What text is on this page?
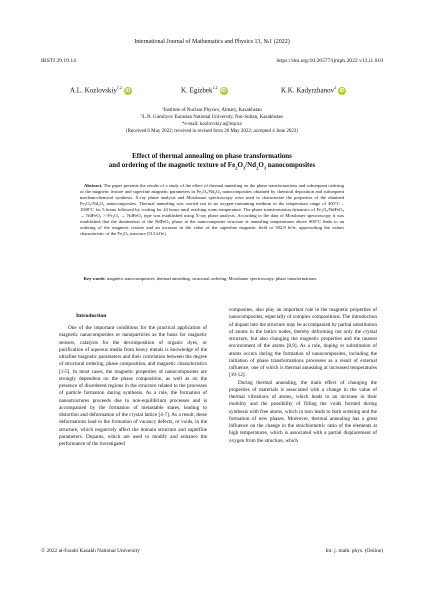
International Journal of Mathematics and Physics 13, №1 (2022)
IRSTI 29.19.14	https://doi.org/10.26577/ijmph.2022.v13.i1.010
A.L. Kozlovskiy$^{1,2}$iD	K. Egizbek$^{1,2}$iD	K.K. Kadyrzhanov$^2$iD
¹Institute of Nuclear Physics, Almaty, Kazakhstan
²L.N. Gumilyov Eurasian National University, Nur-Sultan, Kazakhstan
*e-mail: kozlovskiy.a@inp.kz
(Received 6 May 2022; received in revised form 26 May 2022; accepted 4 June 2022)
Effect of thermal annealing on phase transformations
and ordering of the magnetic texture of $Fe_2O_3/Nd_2O_3$ nanocomposites
Abstract. The paper presents the results of a study of the effect of thermal annealing on the phase transformations and subsequent ordering of the magnetic texture and superfine magnetic parameters in Fe₂O₃/Nd₂O₃ nanocomposites obtained by chemical deposition and subsequent mechanochemical synthesis. X-ray phase analysis and Mossbauer spectroscopy were used to characterize the properties of the obtained Fe₂O₃/Nd₂O₃ nanocomposites. Thermal annealing was carried out in an oxygen-containing medium in the temperature range of 400°C – 1000°C for 5 hours followed by cooling for 24 hours until reaching room temperature. The phase transformation dynamics of Fe₂O₃/NdFeO₃ → NdFeO₃ >>Fe₂O₃ → NdFeO₃ type was established using X-ray phase analysis. According to the data of Mossbauer spectroscopy it was established that the domination of the NdFeO₃ phase in the nanocomposite structure at annealing temperatures above 800°C leads to an ordering of the magnetic texture and an increase in the value of the superfine magnetic field to 502.8 kOe, approaching the values characteristic of the Fe₂O₃ structure (513 kOe).
Key words: magnetic nanocomposites, thermal annealing, structural ordering, Mossbauer spectroscopy, phase transformations.
Introduction

One of the important conditions for the practical application of magnetic nanocomposites or nanoparticles as the basis for magnetic sensors, catalysts for the decomposition of organic dyes, or purification of aqueous media from heavy metals is knowledge of the ultrafine magnetic parameters and their correlation between the degree of structural ordering, phase composition, and magnetic characteristics [1-5]. In most cases, the magnetic properties of nanocomposites are strongly dependent on the phase composition, as well as on the presence of disordered regions in the structure related to the processes of particle formation during synthesis. As a rule, the formation of nanostructures proceeds due to non-equilibrium processes and is accompanied by the formation of metastable states, leading to distortion and deformation of the crystal lattice [4-7]. As a result, these deformations lead to the formation of vacancy defects, or voids, in the structure, which negatively affect the domain structure and superfine parameters. Dopants, which are used to modify and enhance the performance of the investigated

composites, also play an important role in the magnetic properties of nanocomposites, especially of complex compositions. The introduction of dopant into the structure may be accompanied by partial substitution of atoms in the lattice nodes, thereby deforming not only the crystal structure, but also changing the magnetic properties and the nearest environment of the atoms [8,9]. As a rule, doping or substitution of atoms occurs during the formation of nanocomposites, including the initiation of phase transformations processes as a result of external influence, one of which is thermal annealing at increased temperatures [10-12].

During thermal annealing, the main effect of changing the properties of materials is associated with a change in the value of thermal vibrations of atoms, which leads to an increase in their mobility and the possibility of filling the voids formed during synthesis with free atoms, which in turn leads to both ordering and the formation of new phases. Moreover, thermal annealing has a great influence on the change in the stoichiometric ratio of the elements at high temperatures, which is associated with a partial displacement of oxygen from the structure, which

© 2022 al-Farabi Kazakh National University	Int. j. math. phys. (Online)
